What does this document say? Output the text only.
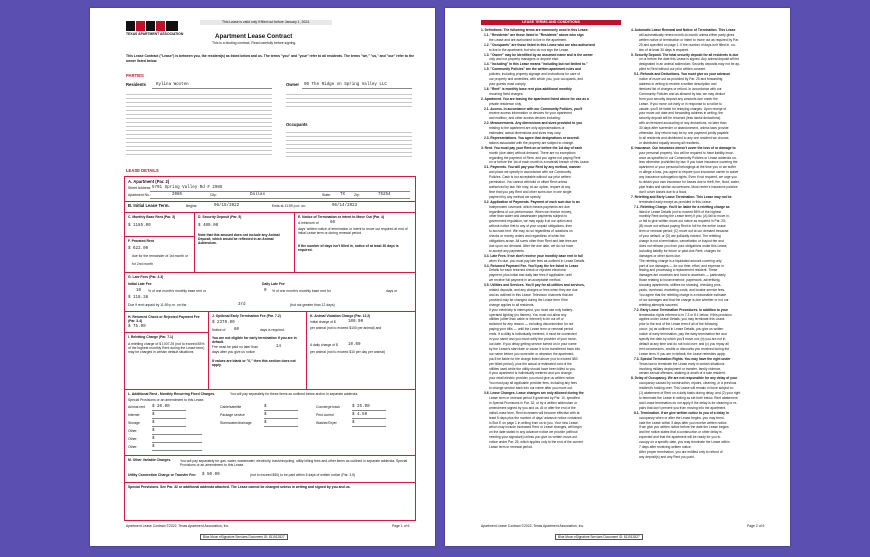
TEXAS APARTMENT ASSOCIATION
This Lease is valid only if filled out before January 1, 2024.
Apartment Lease Contract
This is a binding contract. Read carefully before signing.
This Lease Contract ("Lease") is between you, the resident(s) as listed below and us. The terms "you" and "your" refer to all residents. The terms "we," "us," and "our" refer to the owner listed below.
PARTIES
Residents Kylina Wooten	Owner 90 The Ridge on Spring Valley LLC
Occupants
LEASE DETAILS
A. Apartment (Par. 2)
Street Address: 5701 Spring Valley Rd # 2085
Apartment No.:	2085	City:	Dallas	State: TX	Zip:	75254
B. Initial Lease Term.	Begins:	06/15/2022	Ends at 11:59 p.m. on:	06/14/2023
C. Monthly Base Rent (Par. 3)
$ 1185.00
D. Security Deposit (Par. 5)
$ 400.00
Note that this amount does not include any Animal Deposit, which would be reflected in an Animal Addendum.
E. Notice of Termination or Intent to Move Out (Par. 4)
A minimum of	60
days' written notice of termination or intent to move out required at end of initial Lease term or during renewal period
If the number of days isn't filled in, notice of at least 30 days is required.
F. Prorated Rent
$ 622.00
due for the remainder of 1st month or
for 2nd month
G. Late Fees (Par. 3.3)
Initial Late Fee
10 % of one month's monthly base rent or
$ 118.38
Daily Late Fee
0 % of one month's monthly base rent for	days or
Due if rent unpaid by 11:59 p.m. on the	3rd	(but not greater than 12 days)
H. Returned Check or Rejected Payment Fee (Par. 3.4)
$ 75.00
I. Reletting Charge (Par. 7.1)
A reletting charge of $ 1007.25 (not to exceed 85% of the highest monthly Rent during the Lease term) may be charged in certain default situations
J. Optional Early Termination Fee (Par. 7.2)
$ 2370.00
Notice of 60	days is required.
You are not eligible for early termination if you are in default.
Fee must be paid no later than	14
days after you give us notice
If values are blank or "0," then this section does not apply.
K. Animal Violation Charge (Par. 12.2)
Initial charge of $	100.00
per animal (not to exceed $100 per animal) and
A daily charge of $ 10.00
per animal (not to exceed $10 per day per animal)
L. Additional Rent - Monthly Recurring Fixed Charges.	You will pay separately for these items as outlined below and/or in separate addenda.
Special Provisions or an amendment to this Lease.
M. Other Variable Charges.	You will pay separately for gas, water, wastewater, electricity, trash/recycling, utility billing fees and other items as outlined in separate addenda, Special Provisions or an amendment to this Lease.
Utility Connection Charge or Transfer Fee: $ 50.00	(not to exceed $50) to be paid within 5 days of written notice (Par. 3.5)
Special Provisions. See Par. 32 or additional addenda attached. The Lease cannot be changed unless in writing and signed by you and us.
Apartment Lease Contract ©2022, Texas Apartment Association, Inc.	Page 1 of 6
Blue Moon eSignature Services Document ID: 811912827
Animal rent $ 20.00	Cable/satellite	$	Concierge trash	$ 25.00
Internet	$	Package service	$	Pest control	$ 4.50
Storage	$	Stormwater/drainage	$	Washer/Dryer	$
Other:	$
Other:	$
Other:	$
LEASE TERMS AND CONDITIONS
1. Definitions. The following terms are commonly used in this Lease:
1.1. "Residents" are those listed in "Residents" above who sign
the Lease and are authorized to live in the apartment.
1.2. "Occupants" are those listed in this Lease who are also authorized
to live in the apartment, but who do not sign the Lease.
1.3. "Owner" may be identified by an assumed name and is the owner
only and not property managers or anyone else.
1.4. "Including" in this Lease means "including but not limited to."
1.5. "Community Policies" are the written apartment rules and
policies, including property signage and instructions for care of
our property and amenities, with which you, your occupants, and
your guests must comply.
1.6. "Rent" is monthly base rent plus additional monthly
recurring fixed charges.
2. Apartment. You are leasing the apartment listed above for use as a
private residence only.
2.1. Access. In accordance with our Community Policies, you'll
receive access information or devices for your apartment
and mailbox, and other access devices including:
2.2. Measurements. Any dimensions and sizes provided to you
relating to the apartment are only approximations or
estimates; actual dimensions and sizes may vary.
2.3. Representations. You agree that designations or accredi-
tations associated with the property are subject to change.
3. Rent. You must pay your Rent on or before the 1st day of each
month (due date) without demand. There are no exceptions
regarding the payment of Rent, and you agree not paying Rent
on or before the 1st of each month is a material breach of this Lease.
3.1. Payments. You will pay your Rent by any method, manner
and place we specify in accordance with our Community
Policies. Cash is not acceptable without our prior written
permission. You cannot withhold or offset Rent unless
authorized by law. We may, at our option, require at any
time that you pay Rent and other sums due in one single
payment by any method we specify.
3.2. Application of Payments. Payment of each sum due is an
independent covenant, which means payments are due
regardless of our performance. When we receive money,
other than water and wastewater payments subject to
government regulation, we may apply it at our option and
without notice first to any of your unpaid obligations, then
to accrued rent. We may do so regardless of notations on
checks or money orders and regardless of when the
obligations arose. All sums other than Rent and late fees are
due upon our demand. After the due date, we do not have
to accept any payments.
3.3. Late Fees. If we don't receive your monthly base rent in full
when it's due, you must pay late fees as outlined in Lease Details.
3.4. Returned Payment Fee. You'll pay the fee listed in Lease
Details for each returned check or rejected electronic
payment, plus initial and daily late fees if applicable, until
we receive full payment in an acceptable method.
3.5. Utilities and Services. You'll pay for all utilities and services,
related deposits, and any charges or fees when they are due
and as outlined in this Lease. Television channels that are
provided may be changed during the Lease term if the
change applies to all residents.
If your electricity is interrupted, you must use only battery-
operated lighting (no flames). You must not allow any
utilities (other than cable or Internet) to be cut off or
switched for any reason — including disconnection for not
paying your bills — until the Lease term or renewal period
ends. If a utility is individually metered, it must be connected
in your name and you must notify the provider of your move-
out date. If you delay getting service turned on in your name
by the Lease's start date or cause it to be transferred back into
our name before you surrender or abandon the apartment,
you'll be liable for the charge listed above (not to exceed $50
per billed period), plus the actual or estimated cost of the
utilities used while the utility should have been billed to you.
If your apartment is individually metered and you change
your retail electric provider, you must give us written notice.
You must pay all applicable provider fees, including any fees
to change service back into our name after you move out.
3.6. Lease Changes. Lease changes are only allowed during the
Lease term or renewal period if governed by Par. 10, specified
in Special Provisions in Par. 32, or by a written addendum or
amendment signed by you and us. At or after the end of the
initial Lease term, Rent increases will become effective with at
least 5 days plus the number of days' advance notice contained
in Box E on page 1 in writing from us to you. Your new Lease,
which may include increased Rent or Lease changes, will begin
on the date stated in any advance notice we provide (without
needing your signature) unless you give us written move-out
notice under Par. 25, which applies only to the end of the current
Lease term or renewal period.
4. Automatic Lease Renewal and Notice of Termination. This Lease
will automatically renew month-to-month unless either party gives
written notice of termination or intent to move out as required by Par.
25 and specified on page 1. If the number of days isn't filled in, no-
tice of at least 30 days is required.
5. Security Deposit. The total security deposit for all residents is due
on or before the date this Lease is signed. Any animal deposit will be
designated in an animal addendum. Security deposits may not be ap-
plied to Rent without our prior written consent.
5.1. Refunds and Deductions. You must give us your advance
notice of move out as provided by Par. 25 and forwarding
address in writing to receive a written description and
itemized list of charges or refund. In accordance with our
Community Policies and as allowed by law, we may deduct
from your security deposit any amounts due under the
Lease. If you move out early or in response to a notice to
vacate, you'll be liable for rekeying charges. Upon receipt of
your move-out date and forwarding address in writing, the
security deposit will be returned (less lawful deductions)
with an itemized accounting of any deductions, no later than
30 days after surrender or abandonment, unless laws provide
otherwise. Any refund may be by one payment jointly payable
to all residents and distributed to any one resident we choose,
or distributed equally among all residents.
6. Insurance. Our insurance doesn't cover the loss of or damage to
your personal property. You will be required to have liability insur-
ance as specified in our Community Policies or Lease addenda un-
less otherwise prohibited by law. If you have insurance covering the
apartment or your personal belongings at the time you or we suffer
or allege a loss, you agree to require your insurance carrier to waive
any insurance subrogation rights. Even if not required, we urge you
to obtain your own insurance for losses due to theft, fire, flood, water,
pipe leaks and similar occurrences. Most renter's insurance policies
don't cover losses due to a flood.
7. Reletting and Early Lease Termination. This Lease may not be
terminated early except as provided in this Lease.
7.1. Reletting Charge. You'll be liable for a reletting charge as
listed in Lease Details (not to exceed 85% of the highest
monthly Rent during the Lease term) if you: (A) fail to move in,
or fail to give written move-out notice as required in Par. 25;
(B) move out without paying Rent in full for the entire Lease
term or renewal period; (C) move out at our demand because
of your default; or (D) are judicially evicted. The reletting
charge is not a termination, cancellation or buyout fee and
does not release you from your obligations under this Lease,
including liability for future or past-due Rent, charges for
damages or other sums due.
The reletting charge is a liquidated amount covering only
part of our damages — for our time, effort, and expense in
finding and processing a replacement resident. These
damages are uncertain and hard to ascertain — particularly
those relating to inconvenience, paperwork, advertising,
showing apartments, utilities for showing, checking pros-
pects, overhead, marketing costs, and locator-service fees.
You agree that the reletting charge is a reasonable estimate
of our damages and that the charge is due whether or not our
reletting attempts succeed.
7.2. Early Lease Termination Procedures. In addition to your
termination rights referred to in 7.3 or 8.1 below, if this provision
applies under Lease Details, you may terminate this Lease
prior to the end of the Lease term if all of the following
occur: (a) as outlined in Lease Details, you give us written
notice of early termination, pay the early termination fee and
specify the date by which you'll move out; (b) you are not in
default at any time and do not hold over; and (c) you repay all
rent concessions, credits or discounts you received during the
Lease term. If you are in default, the Lease remedies apply.
7.3. Special Termination Rights. You may have the right under
Texas law to terminate the Lease early in certain situations
involving military deployment or transfer, family violence,
certain sexual offenses, stalking or death of a sole resident.
8. Delay of Occupancy. We are not responsible for any delay of your
occupancy caused by construction, repairs, cleaning, or a previous
resident's holding over. This Lease will remain in force subject to:
(1) abatement of Rent on a daily basis during delay, and (2) your right
to terminate the Lease in writing as set forth below. Rent abatement
and Lease termination do not apply if the delay is for cleaning or re-
pairs that don't prevent you from moving into the apartment.
8.1. Termination. If we give written notice to you of a delay in
occupancy when or after the Lease begins, you may termi-
nate the Lease within 3 days after you receive written notice.
If we give you written notice before the date the Lease begins
and the notice states that a construction or other delay is
expected and that the apartment will be ready for you to
occupy on a specific date, you may terminate the Lease within
7 days after receiving written notice.
After proper termination, you are entitled only to refund of
any deposit(s) and any Rent you paid.
Apartment Lease Contract ©2022, Texas Apartment Association, Inc.	Page 2 of 6
Blue Moon eSignature Services Document ID: 811912827
